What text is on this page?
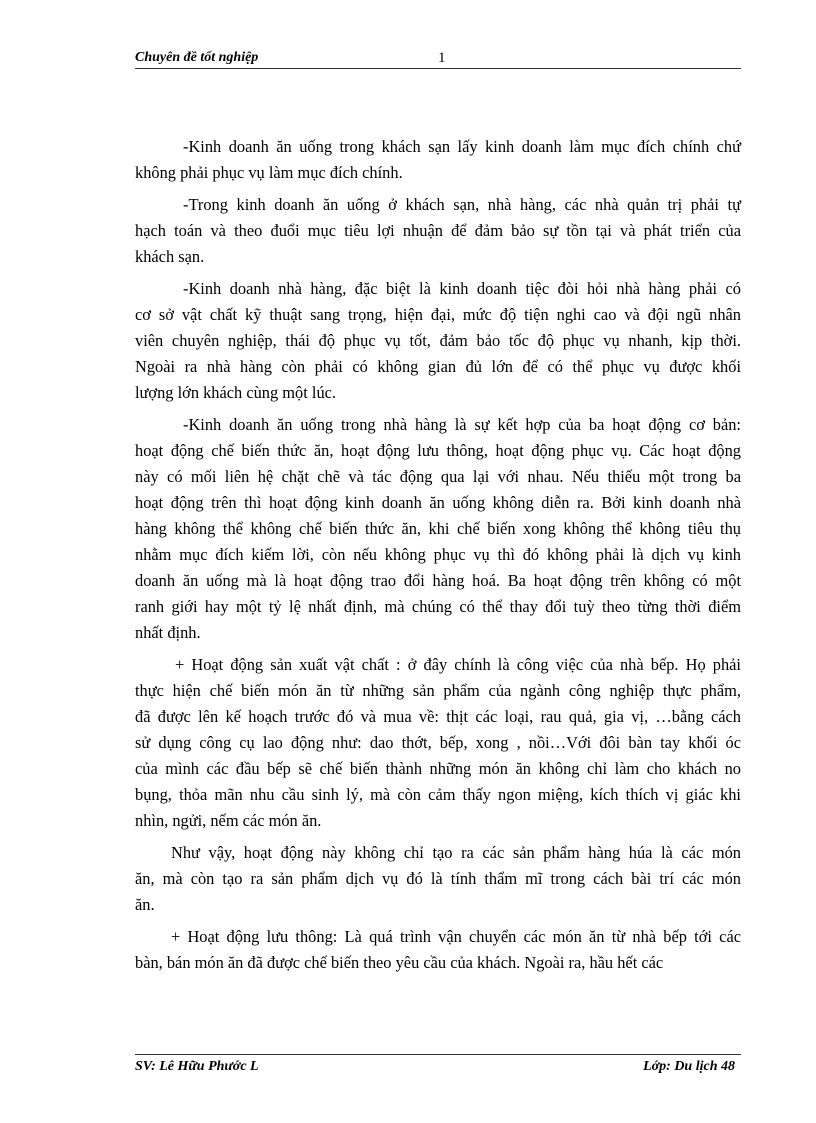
Chuyên đề tốt nghiệp	1
-Kinh doanh ăn uống trong khách sạn lấy kinh doanh làm mục đích chính chứ
không phải phục vụ làm mục đích chính.
-Trong kinh doanh ăn uống ở khách sạn, nhà hàng, các nhà quản trị phải tự
hạch toán và theo đuổi mục tiêu lợi nhuận để đảm bảo sự tồn tại và phát triển của
khách sạn.
-Kinh doanh nhà hàng, đặc biệt là kinh doanh tiệc đòi hỏi nhà hàng phải có
cơ sở vật chất kỹ thuật sang trọng, hiện đại, mức độ tiện nghi cao và đội ngũ nhân
viên chuyên nghiệp, thái độ phục vụ tốt, đảm bảo tốc độ phục vụ nhanh, kịp thời.
Ngoài ra nhà hàng còn phải có không gian đủ lớn để có thể phục vụ được khối
lượng lớn khách cùng một lúc.
-Kinh doanh ăn uống trong nhà hàng là sự kết hợp của ba hoạt động cơ bản:
hoạt động chế biến thức ăn, hoạt động lưu thông, hoạt động phục vụ. Các hoạt động
này có mối liên hệ chặt chẽ và tác động qua lại với nhau. Nếu thiếu một trong ba
hoạt động trên thì hoạt động kinh doanh ăn uống không diễn ra. Bởi kinh doanh nhà
hàng không thể không chế biến thức ăn, khi chế biến xong không thể không tiêu thụ
nhằm mục đích kiếm lời, còn nếu không phục vụ thì đó không phải là dịch vụ kinh
doanh ăn uống mà là hoạt động trao đổi hàng hoá. Ba hoạt động trên không có một
ranh giới hay một tỷ lệ nhất định, mà chúng có thể thay đổi tuỳ theo từng thời điểm
nhất định.
+ Hoạt động sản xuất vật chất : ở đây chính là công việc của nhà bếp. Họ phải
thực hiện chế biến món ăn từ những sản phẩm của ngành công nghiệp thực phẩm,
đã được lên kế hoạch trước đó và mua về: thịt các loại, rau quả, gia vị, …bằng cách
sử dụng công cụ lao động như: dao thớt, bếp, xong , nồi…Với đôi bàn tay khối óc
của mình các đầu bếp sẽ chế biến thành những món ăn không chỉ làm cho khách no
bụng, thỏa mãn nhu cầu sinh lý, mà còn cảm thấy ngon miệng, kích thích vị giác khi
nhìn, ngửi, nếm các món ăn.
Như vậy, hoạt động này không chỉ tạo ra các sản phẩm hàng húa là các món
ăn, mà còn tạo ra sản phẩm dịch vụ đó là tính thẩm mĩ trong cách bài trí các món
ăn.
+ Hoạt động lưu thông: Là quá trình vận chuyển các món ăn từ nhà bếp tới các
bàn, bán món ăn đã được chế biến theo yêu cầu của khách. Ngoài ra, hầu hết các
SV: Lê Hữu Phước L	Lớp: Du lịch 48
